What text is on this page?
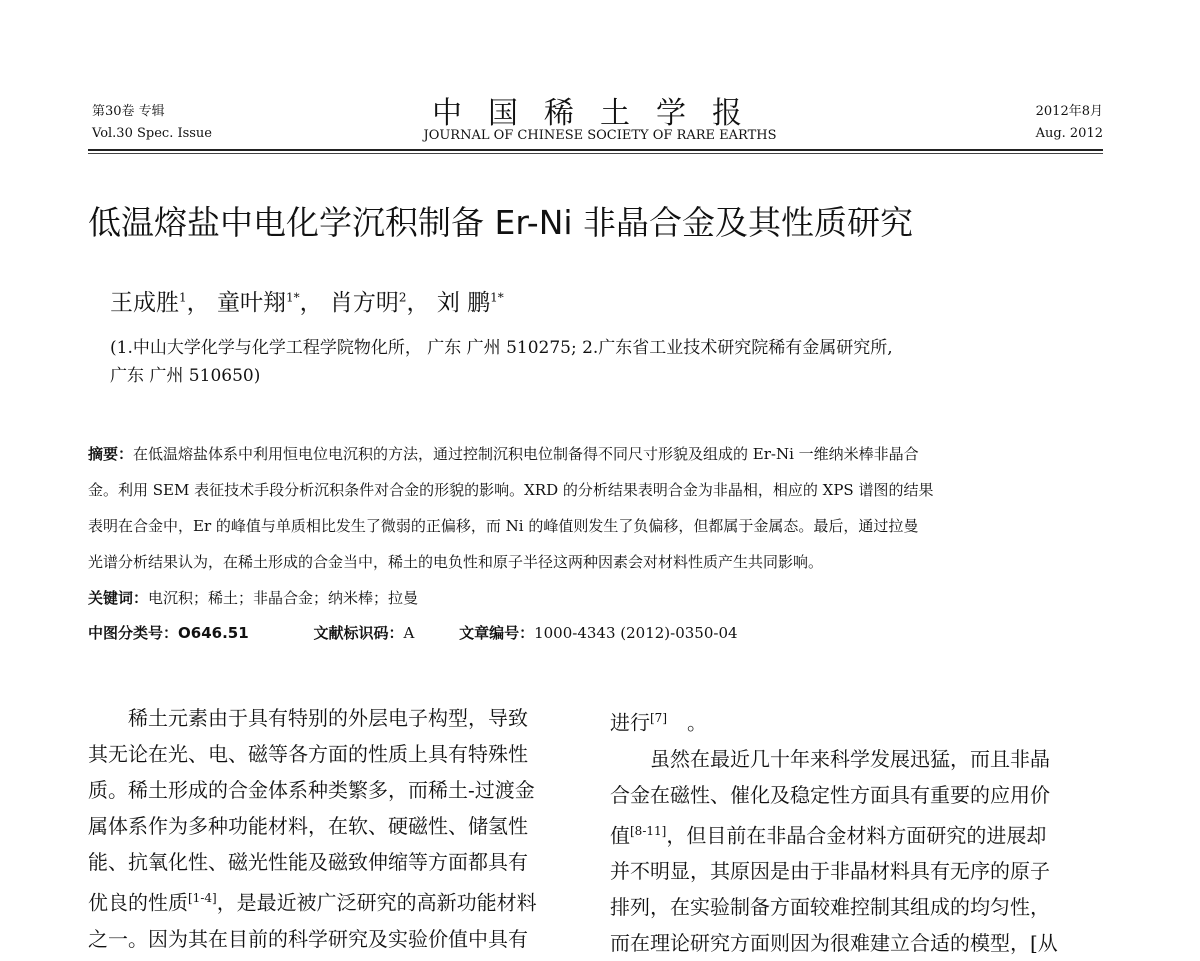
第30卷 专辑
Vol.30 Spec. Issue
中国稀土学报
JOURNAL OF CHINESE SOCIETY OF RARE EARTHS
2012年8月
Aug. 2012
低温熔盐中电化学沉积制备 Er-Ni 非晶合金及其性质研究
王成胜$^1$， 童叶翔$^{1*}$， 肖方明$^2$， 刘 鹏$^{1*}$
(1.中山大学化学与化学工程学院物化所， 广东 广州 510275; 2.广东省工业技术研究院稀有金属研究所,
广东 广州 510650)
摘要：在低温熔盐体系中利用恒电位电沉积的方法，通过控制沉积电位制备得不同尺寸形貌及组成的 Er-Ni 一维纳米棒非晶合
金。利用 SEM 表征技术手段分析沉积条件对合金的形貌的影响。XRD 的分析结果表明合金为非晶相，相应的 XPS 谱图的结果
表明在合金中，Er 的峰值与单质相比发生了微弱的正偏移，而 Ni 的峰值则发生了负偏移，但都属于金属态。最后，通过拉曼
光谱分析结果认为，在稀土形成的合金当中，稀土的电负性和原子半径这两种因素会对材料性质产生共同影响。
关键词：电沉积；稀土；非晶合金；纳米棒；拉曼
中图分类号：O646.51	文献标识码：A	文章编号：1000-4343 (2012)-0350-04
　　稀土元素由于具有特别的外层电子构型，导致
其无论在光、电、磁等各方面的性质上具有特殊性
质。稀土形成的合金体系种类繁多，而稀土-过渡金
属体系作为多种功能材料，在软、硬磁性、储氢性
能、抗氧化性、磁光性能及磁致伸缩等方面都具有
优良的性质[1-4]，是最近被广泛研究的高新功能材料
之一。因为其在目前的科学研究及实验价值中具有
进行[7]　。
　　虽然在最近几十年来科学发展迅猛，而且非晶
合金在磁性、催化及稳定性方面具有重要的应用价
值[8-11]，但目前在非晶合金材料方面研究的进展却
并不明显，其原因是由于非晶材料具有无序的原子
排列，在实验制备方面较难控制其组成的均匀性，
而在理论研究方面则因为很难建立合适的模型，[从
